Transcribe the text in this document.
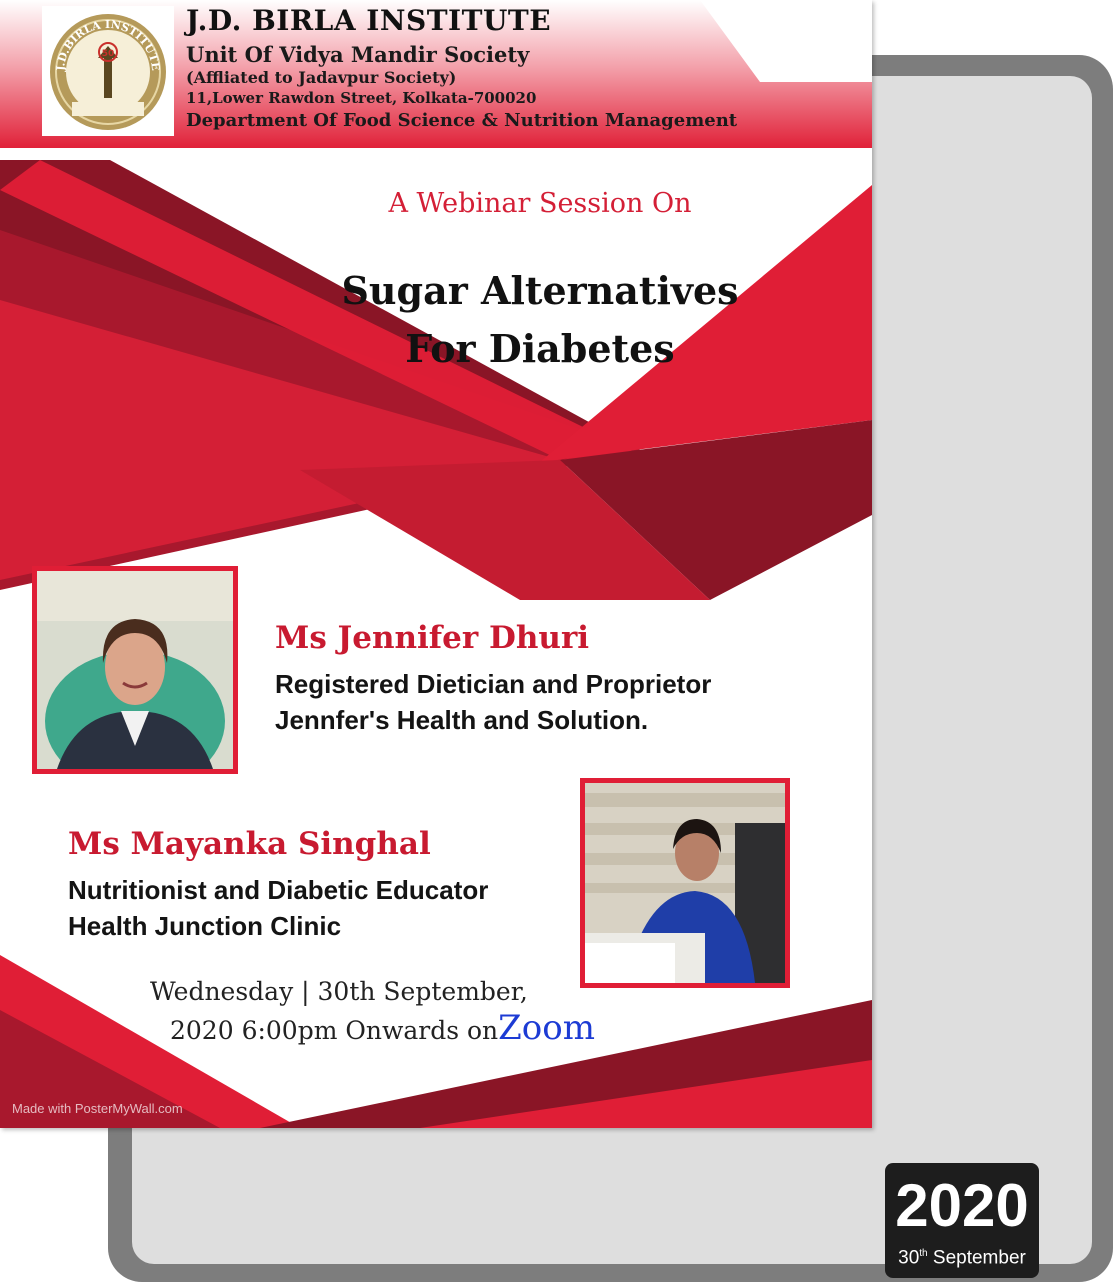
J.D.BIRLA INSTITUTE
50
J.D. BIRLA INSTITUTE
Unit Of Vidya Mandir Society
(Affliated to Jadavpur Society)
11,Lower Rawdon Street, Kolkata-700020
Department Of Food Science & Nutrition Management
A Webinar Session On
Sugar Alternatives
For Diabetes
Ms Jennifer Dhuri
Registered Dietician and Proprietor
Jennfer's Health and Solution.
Ms Mayanka Singhal
Nutritionist and Diabetic Educator
Health Junction Clinic
Wednesday | 30th September,
2020 6:00pm Onwards onZoom
Made with PosterMyWall.com
2020
30th September
